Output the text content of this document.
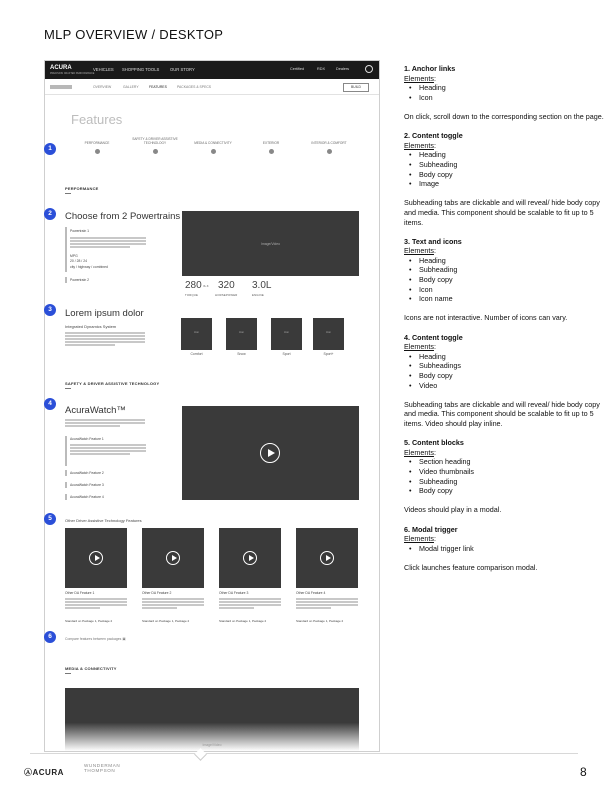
MLP OVERVIEW / DESKTOP
ACURA
PRECISION CRAFTED PERFORMANCE
VEHICLES SHOPPING TOOLS	OUR STORY	Certified	RDX	Dealers
OVERVIEW	GALLERY	FEATURES	PACKAGES & SPECS	BUILD
Features
PERFORMANCE
SAFETY & DRIVER ASSISTIVE TECHNOLOGY	MEDIA & CONNECTIVITY	EXTERIOR	INTERIOR & COMFORT
PERFORMANCE
Choose from 2 Powertrains
Powertrain 1
MPG
20 / 28 / 24
city / highway / combined
Powertrain 2
Image/Video
280 lb-ft
TORQUE
320
HORSEPOWER
3.0L
ENGINE
Lorem ipsum dolor
Integrated Dynamics System
Icon	Icon	Icon	Icon
Comfort	Snow	Sport	Sport+
SAFETY & DRIVER ASSISTIVE TECHNOLOGY
AcuraWatch™
AcuraWatch Feature 1
AcuraWatch Feature 2
AcuraWatch Feature 3
AcuraWatch Feature 4
Other Driver Assistive Technology Features
Other DA Feature 1	Other DA Feature 2	Other DA Feature 3	Other DA Feature 4
Standard on Package 1, Package 2	Standard on Package 1, Package 2	Standard on Package 1, Package 2	Standard on Package 1, Package 2
Compare features between packages ▣
MEDIA & CONNECTIVITY
Image/Video
1
2
3
4
5
6
1. Anchor links
Elements:
• Heading
• Icon
On click, scroll down to the corresponding section on the page.
2. Content toggle
Elements:
• Heading
• Subheading
• Body copy
• Image
Subheading tabs are clickable and will reveal/ hide body copy and media. This component should be scalable to fit up to 5 items.
3. Text and icons
Elements:
• Heading
• Subheading
• Body copy
• Icon
• Icon name
Icons are not interactive. Number of icons can vary.
4. Content toggle
Elements:
• Heading
• Subheadings
• Body copy
• Video
Subheading tabs are clickable and will reveal/ hide body copy and media. This component should be scalable to fit up to 5 items. Video should play inline.
5. Content blocks
Elements:
• Section heading
• Video thumbnails
• Subheading
• Body copy
Videos should play in a modal.
6. Modal trigger
Elements:
• Modal trigger link
Click launches feature comparison modal.
ⒶACURA
WUNDERMAN
THOMPSON	8
